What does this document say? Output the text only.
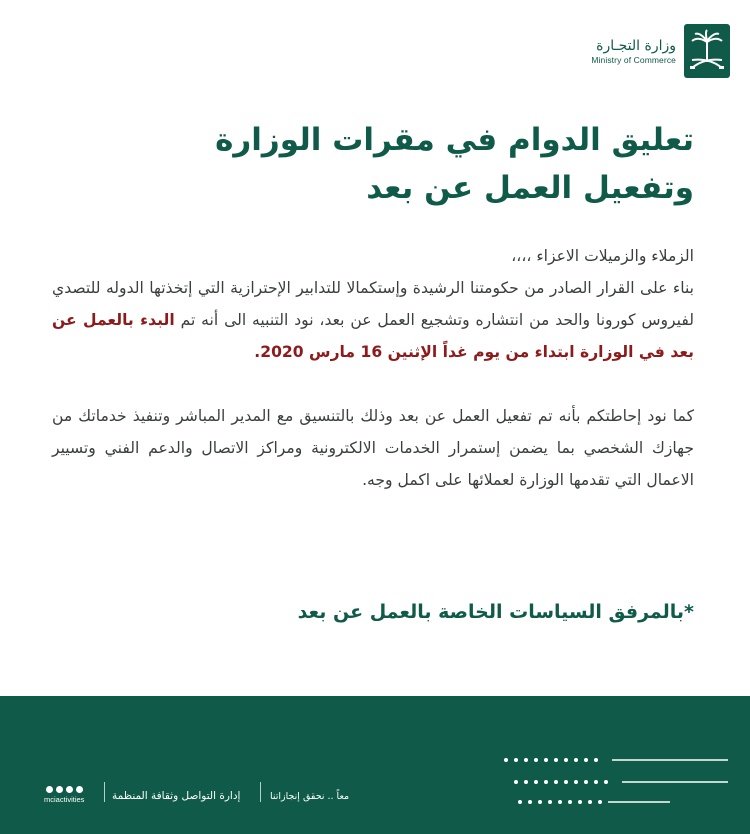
وزارة التجـارة
Ministry of Commerce
تعليق الدوام في مقرات الوزارة
وتفعيل العمل عن بعد

الزملاء والزميلات الاعزاء ،،،،

بناء على القرار الصادر من حكومتنا الرشيدة وإستكمالا للتدابير الإحترازية التي إتخذتها الدوله للتصدي لفيروس كورونا والحد من انتشاره وتشجيع العمل عن بعد، نود التنبيه الى أنه تم البدء بالعمل عن بعد في الوزارة ابتداء من يوم غداً الإثنين 16 مارس 2020.

كما نود إحاطتكم بأنه تم تفعيل العمل عن بعد وذلك بالتنسيق مع المدير المباشر وتنفيذ خدماتك من جهازك الشخصي بما يضمن إستمرار الخدمات الالكترونية ومراكز الاتصال والدعم الفني وتسيير الاعمال التي تقدمها الوزارة لعملائها على اكمل وجه.

*بالمرفق السياسات الخاصة بالعمل عن بعد

mciactivities	إدارة التواصل وثقافة المنظمة	معاً .. نحقق إنجازاتنا
